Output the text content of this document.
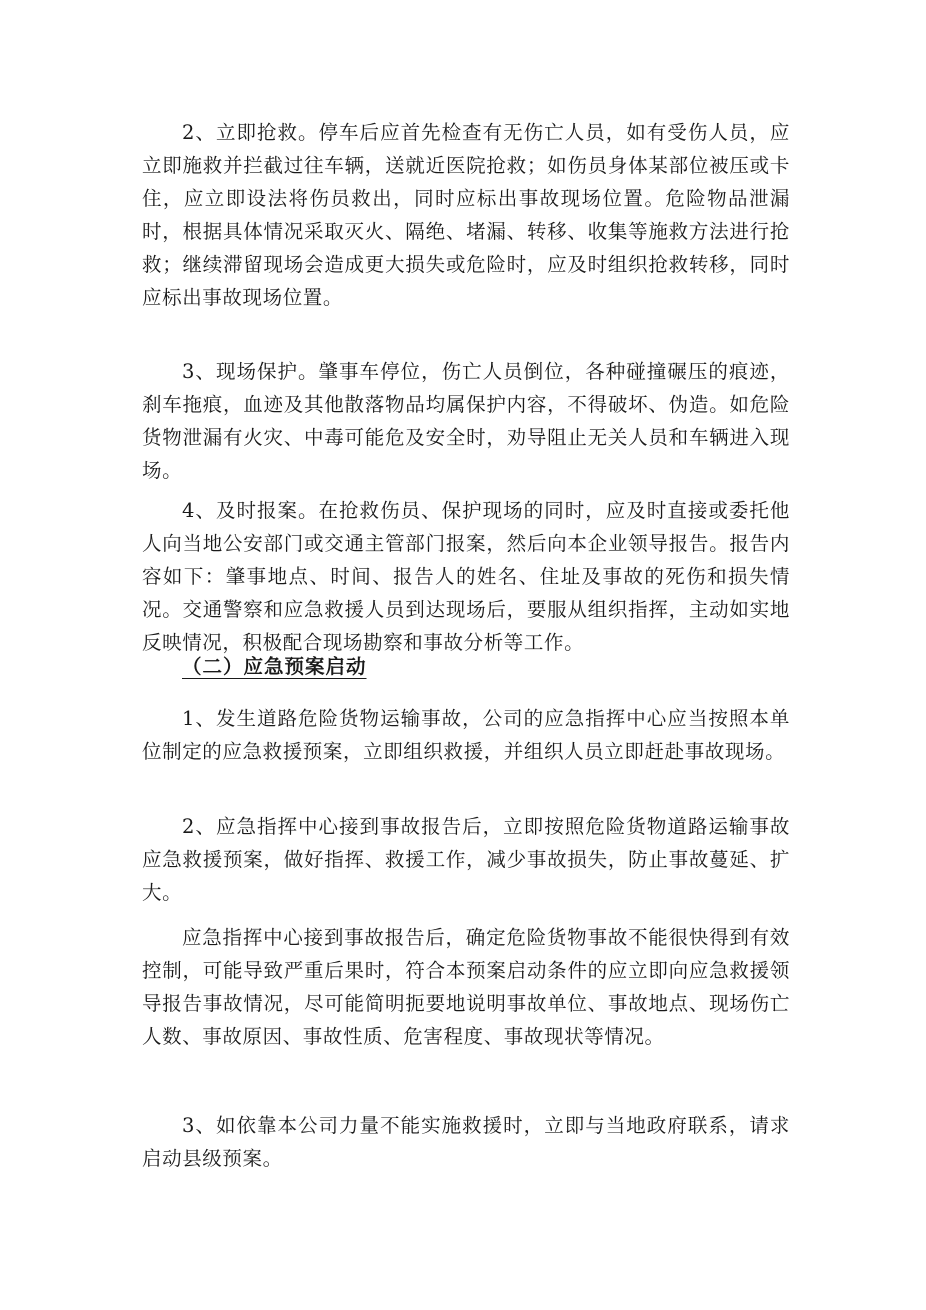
2、立即抢救。停车后应首先检查有无伤亡人员，如有受伤人员，应立即施救并拦截过往车辆，送就近医院抢救；如伤员身体某部位被压或卡住，应立即设法将伤员救出，同时应标出事故现场位置。危险物品泄漏时，根据具体情况采取灭火、隔绝、堵漏、转移、收集等施救方法进行抢救；继续滞留现场会造成更大损失或危险时，应及时组织抢救转移，同时应标出事故现场位置。

3、现场保护。肇事车停位，伤亡人员倒位，各种碰撞碾压的痕迹，刹车拖痕，血迹及其他散落物品均属保护内容，不得破坏、伪造。如危险货物泄漏有火灾、中毒可能危及安全时，劝导阻止无关人员和车辆进入现场。

4、及时报案。在抢救伤员、保护现场的同时，应及时直接或委托他人向当地公安部门或交通主管部门报案，然后向本企业领导报告。报告内容如下：肇事地点、时间、报告人的姓名、住址及事故的死伤和损失情况。交通警察和应急救援人员到达现场后，要服从组织指挥，主动如实地反映情况，积极配合现场勘察和事故分析等工作。

（二）应急预案启动

1、发生道路危险货物运输事故，公司的应急指挥中心应当按照本单位制定的应急救援预案，立即组织救援，并组织人员立即赶赴事故现场。

2、应急指挥中心接到事故报告后，立即按照危险货物道路运输事故应急救援预案，做好指挥、救援工作，减少事故损失，防止事故蔓延、扩大。

应急指挥中心接到事故报告后，确定危险货物事故不能很快得到有效控制，可能导致严重后果时，符合本预案启动条件的应立即向应急救援领导报告事故情况，尽可能简明扼要地说明事故单位、事故地点、现场伤亡人数、事故原因、事故性质、危害程度、事故现状等情况。

3、如依靠本公司力量不能实施救援时，立即与当地政府联系，请求启动县级预案。
